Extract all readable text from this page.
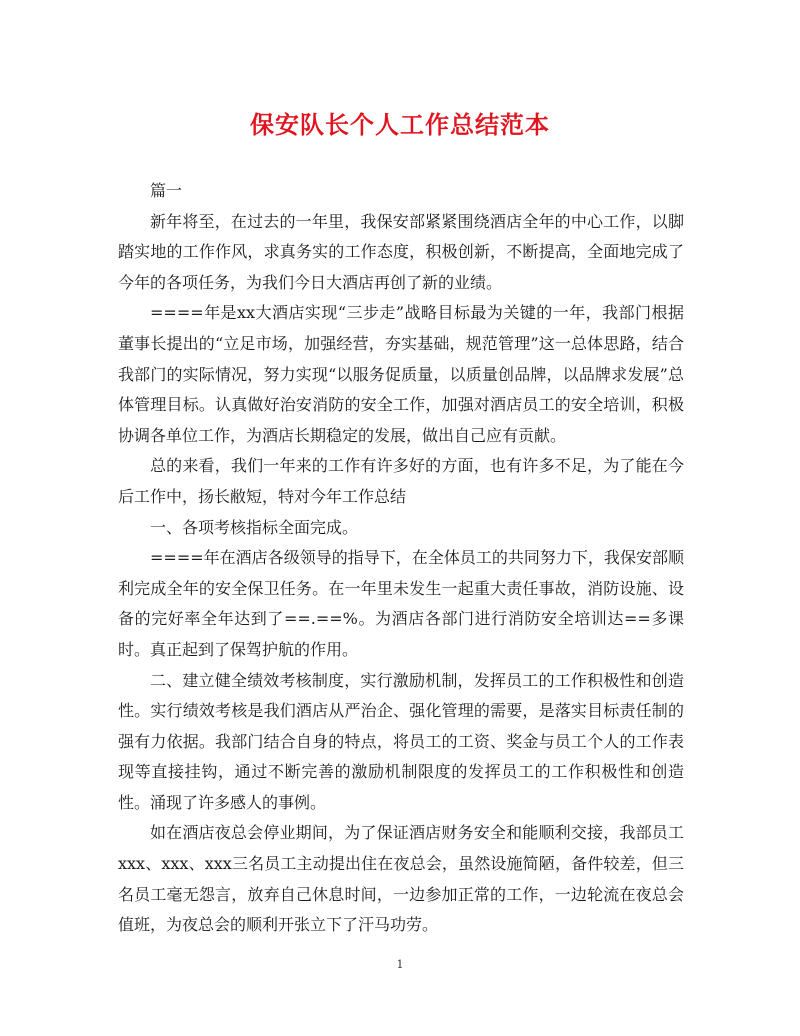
保安队长个人工作总结范本

篇一

新年将至，在过去的一年里，我保安部紧紧围绕酒店全年的中心工作，以脚踏实地的工作作风，求真务实的工作态度，积极创新，不断提高，全面地完成了今年的各项任务，为我们今日大酒店再创了新的业绩。

====年是xx大酒店实现“三步走”战略目标最为关键的一年，我部门根据董事长提出的“立足市场，加强经营，夯实基础，规范管理”这一总体思路，结合我部门的实际情况，努力实现“以服务促质量，以质量创品牌，以品牌求发展”总体管理目标。认真做好治安消防的安全工作，加强对酒店员工的安全培训，积极协调各单位工作，为酒店长期稳定的发展，做出自己应有贡献。

总的来看，我们一年来的工作有许多好的方面，也有许多不足，为了能在今后工作中，扬长敝短，特对今年工作总结

一、各项考核指标全面完成。

====年在酒店各级领导的指导下，在全体员工的共同努力下，我保安部顺利完成全年的安全保卫任务。在一年里未发生一起重大责任事故，消防设施、设备的完好率全年达到了==.==%。为酒店各部门进行消防安全培训达==多课时。真正起到了保驾护航的作用。

二、建立健全绩效考核制度，实行激励机制，发挥员工的工作积极性和创造性。实行绩效考核是我们酒店从严治企、强化管理的需要，是落实目标责任制的强有力依据。我部门结合自身的特点，将员工的工资、奖金与员工个人的工作表现等直接挂钩，通过不断完善的激励机制限度的发挥员工的工作积极性和创造性。涌现了许多感人的事例。

如在酒店夜总会停业期间，为了保证酒店财务安全和能顺利交接，我部员工xxx、xxx、xxx三名员工主动提出住在夜总会，虽然设施简陋，备件较差，但三名员工毫无怨言，放弃自己休息时间，一边参加正常的工作，一边轮流在夜总会值班，为夜总会的顺利开张立下了汗马功劳。

1
